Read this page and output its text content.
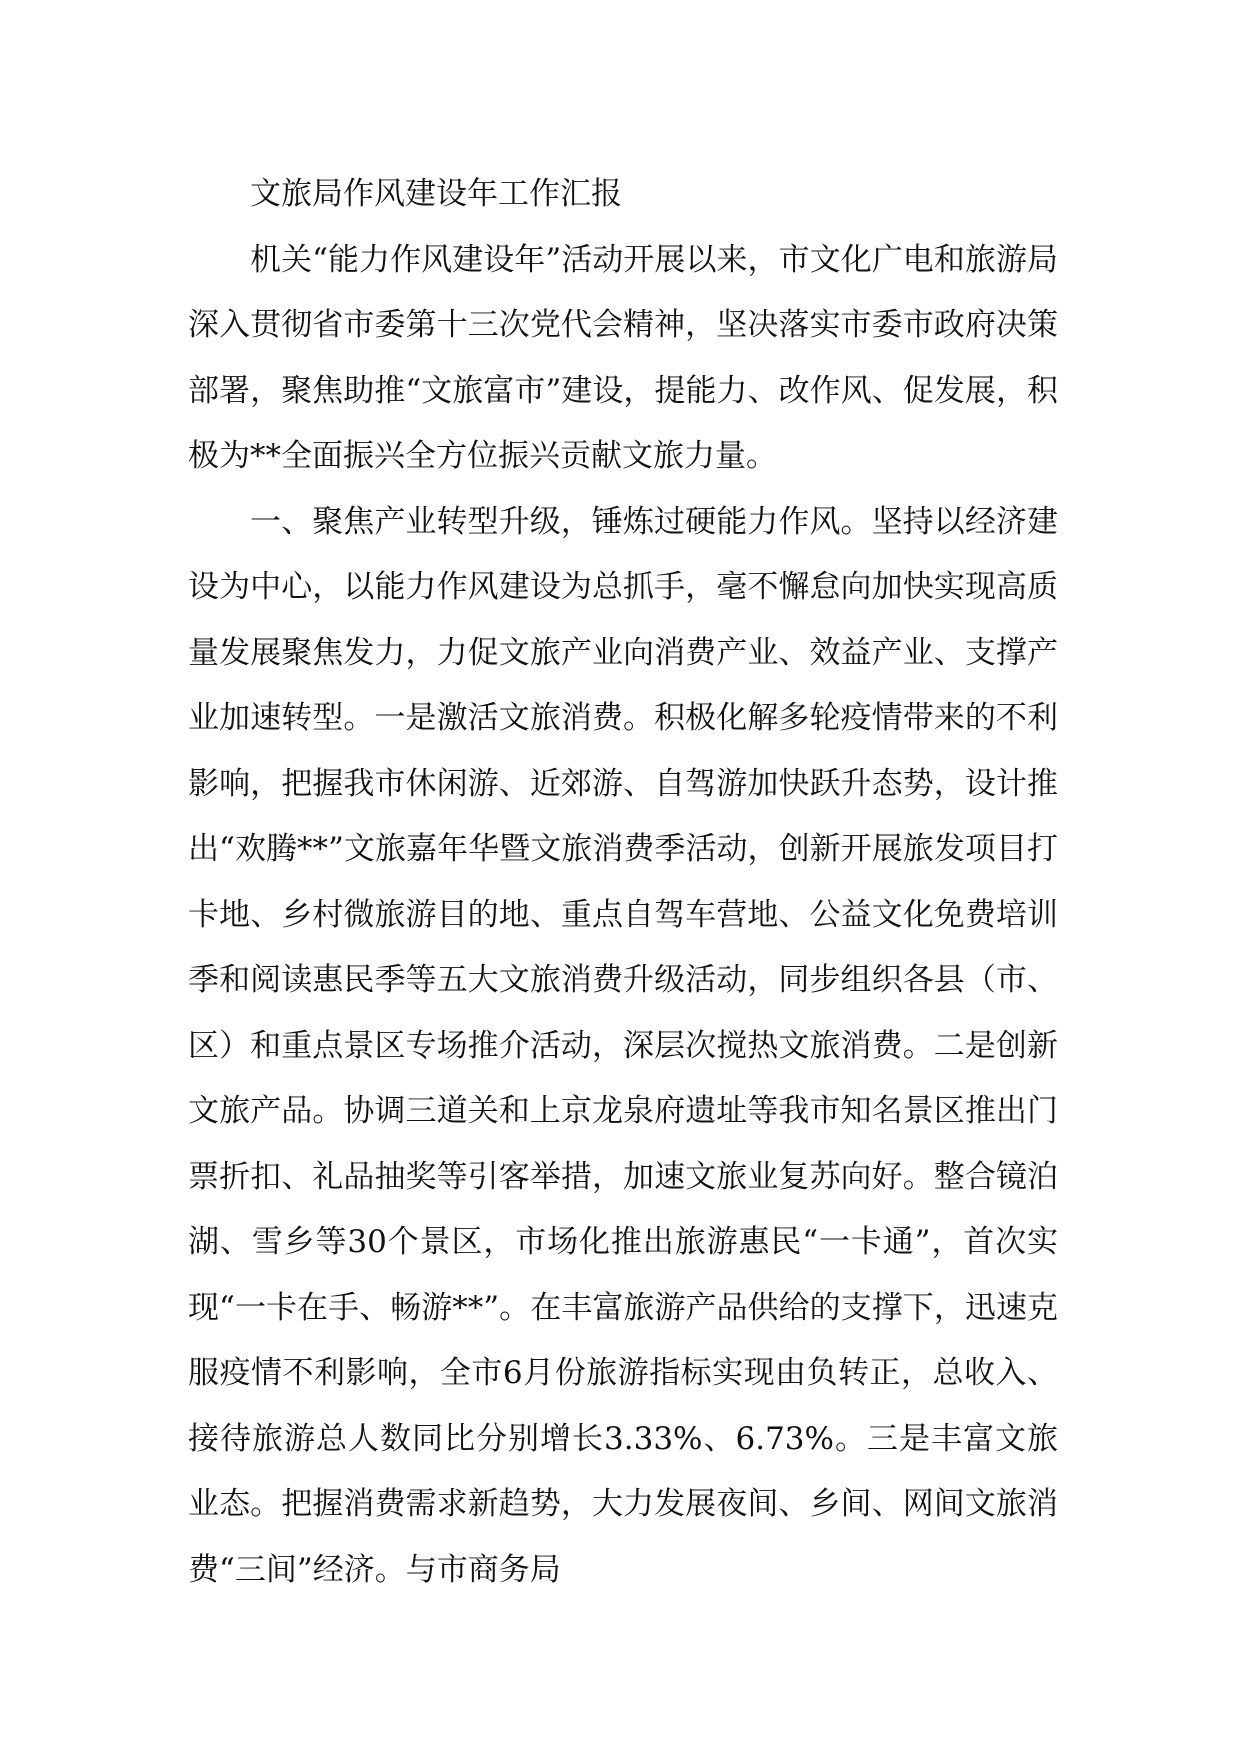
文旅局作风建设年工作汇报

机关“能力作风建设年”活动开展以来，市文化广电和旅游局深入贯彻省市委第十三次党代会精神，坚决落实市委市政府决策部署，聚焦助推“文旅富市”建设，提能力、改作风、促发展，积极为**全面振兴全方位振兴贡献文旅力量。

一、聚焦产业转型升级，锤炼过硬能力作风。坚持以经济建设为中心，以能力作风建设为总抓手，毫不懈怠向加快实现高质量发展聚焦发力，力促文旅产业向消费产业、效益产业、支撑产业加速转型。一是激活文旅消费。积极化解多轮疫情带来的不利影响，把握我市休闲游、近郊游、自驾游加快跃升态势，设计推出“欢腾**”文旅嘉年华暨文旅消费季活动，创新开展旅发项目打卡地、乡村微旅游目的地、重点自驾车营地、公益文化免费培训季和阅读惠民季等五大文旅消费升级活动，同步组织各县（市、区）和重点景区专场推介活动，深层次搅热文旅消费。二是创新文旅产品。协调三道关和上京龙泉府遗址等我市知名景区推出门票折扣、礼品抽奖等引客举措，加速文旅业复苏向好。整合镜泊湖、雪乡等30个景区，市场化推出旅游惠民“一卡通”，首次实现“一卡在手、畅游**”。在丰富旅游产品供给的支撑下，迅速克服疫情不利影响，全市6月份旅游指标实现由负转正，总收入、接待旅游总人数同比分别增长3.33%、6.73%。三是丰富文旅业态。把握消费需求新趋势，大力发展夜间、乡间、网间文旅消费“三间”经济。与市商务局
